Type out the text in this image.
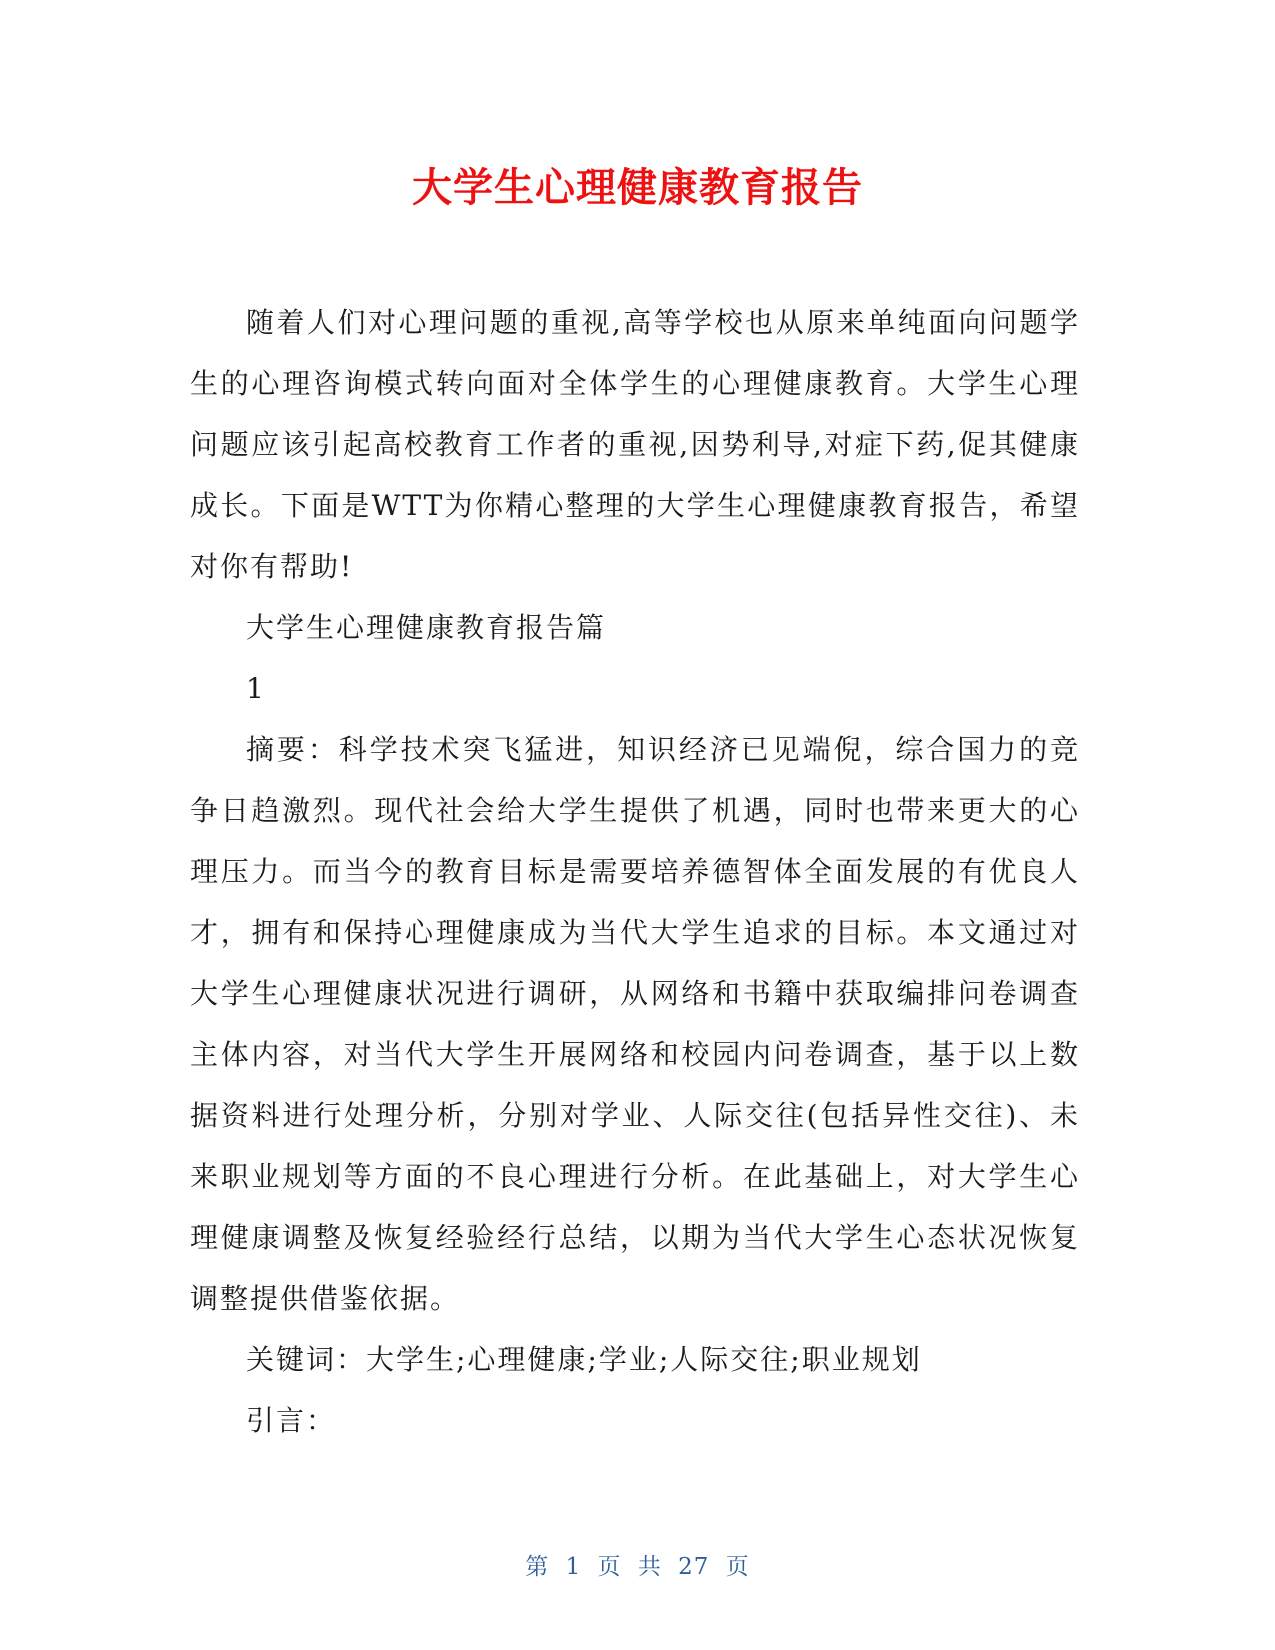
大学生心理健康教育报告

随着人们对心理问题的重视,高等学校也从原来单纯面向问题学生的心理咨询模式转向面对全体学生的心理健康教育。大学生心理问题应该引起高校教育工作者的重视,因势利导,对症下药,促其健康成长。下面是WTT为你精心整理的大学生心理健康教育报告，希望对你有帮助!

大学生心理健康教育报告篇

1

摘要：科学技术突飞猛进，知识经济已见端倪，综合国力的竞争日趋激烈。现代社会给大学生提供了机遇，同时也带来更大的心理压力。而当今的教育目标是需要培养德智体全面发展的有优良人才，拥有和保持心理健康成为当代大学生追求的目标。本文通过对大学生心理健康状况进行调研，从网络和书籍中获取编排问卷调查主体内容，对当代大学生开展网络和校园内问卷调查，基于以上数据资料进行处理分析，分别对学业、人际交往(包括异性交往)、未来职业规划等方面的不良心理进行分析。在此基础上，对大学生心理健康调整及恢复经验经行总结，以期为当代大学生心态状况恢复调整提供借鉴依据。

关键词：大学生;心理健康;学业;人际交往;职业规划

引言：

第 1 页 共 27 页
